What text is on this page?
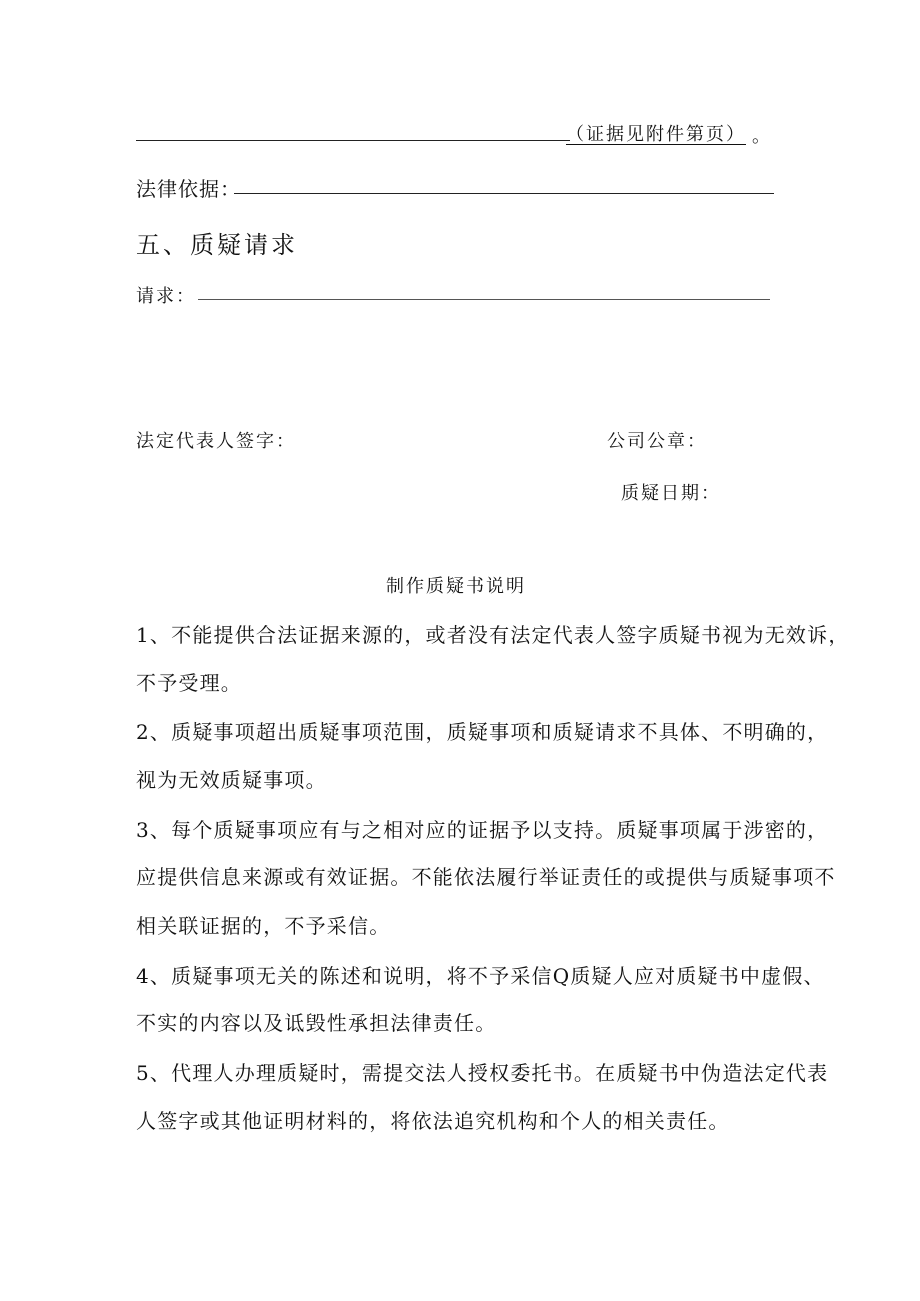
（证据见附件第页） 。
法律依据：
五、质疑请求
请求：
法定代表人签字：	公司公章：
质疑日期：
制作质疑书说明
1、不能提供合法证据来源的，或者没有法定代表人签字质疑书视为无效诉，
不予受理。
2、质疑事项超出质疑事项范围，质疑事项和质疑请求不具体、不明确的，
视为无效质疑事项。
3、每个质疑事项应有与之相对应的证据予以支持。质疑事项属于涉密的，
应提供信息来源或有效证据。不能依法履行举证责任的或提供与质疑事项不
相关联证据的，不予采信。
4、质疑事项无关的陈述和说明，将不予采信Q质疑人应对质疑书中虚假、
不实的内容以及诋毁性承担法律责任。
5、代理人办理质疑时，需提交法人授权委托书。在质疑书中伪造法定代表
人签字或其他证明材料的，将依法追究机构和个人的相关责任。
